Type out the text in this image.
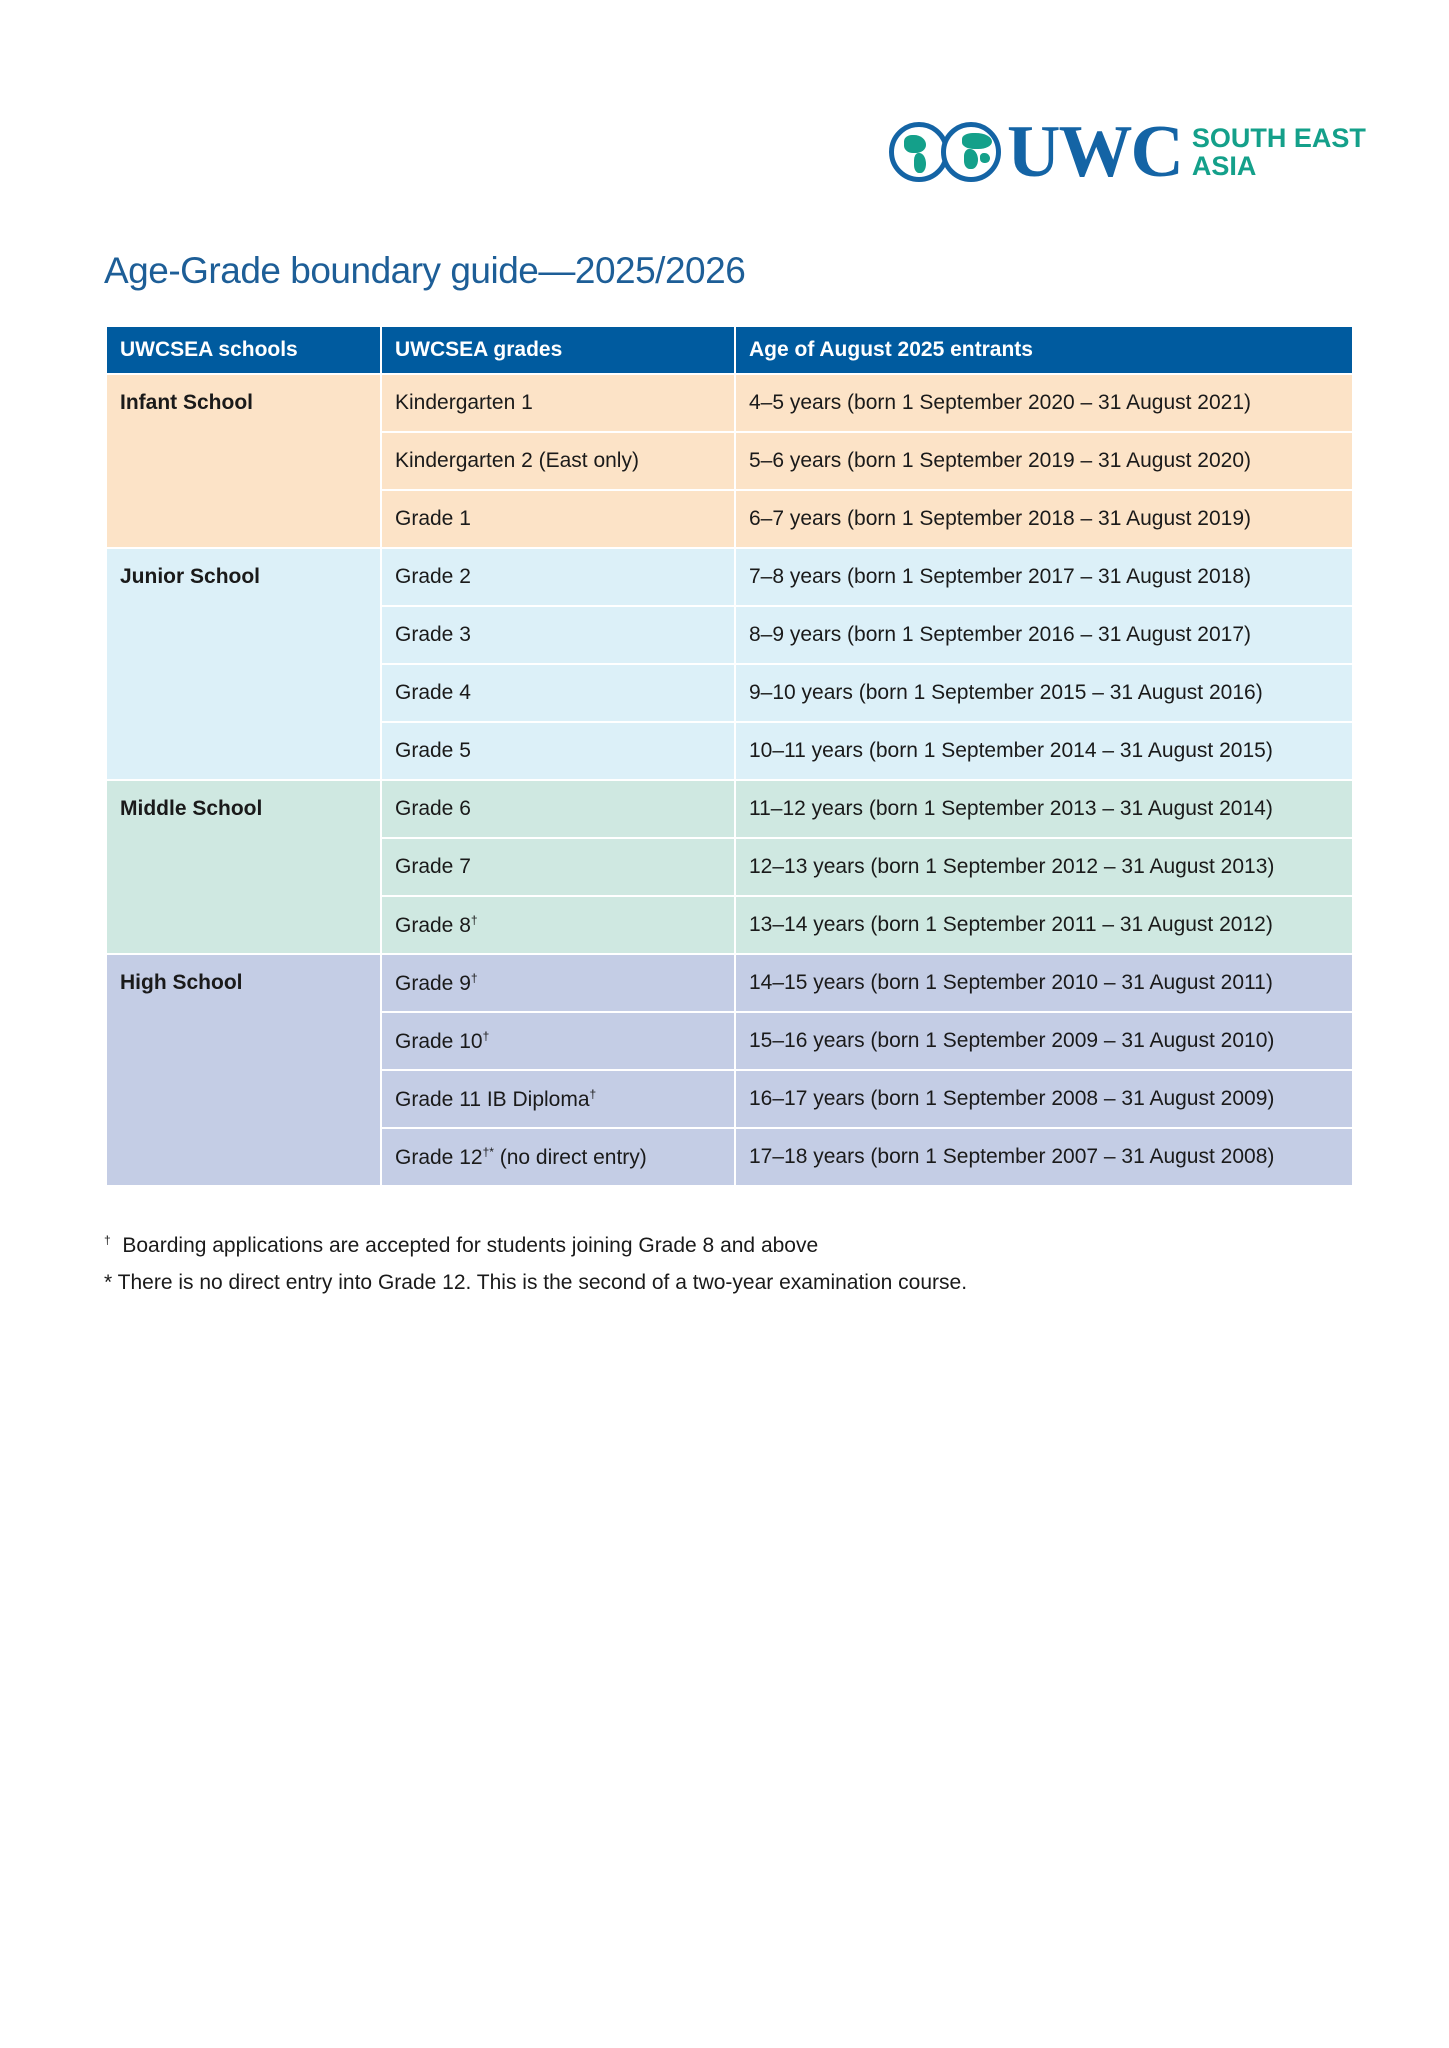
UWC SOUTH EAST
ASIA
Age-Grade boundary guide—2025/2026
UWCSEA schools	UWCSEA grades	Age of August 2025 entrants
Infant School	Kindergarten 1	4–5 years (born 1 September 2020 – 31 August 2021)
	Kindergarten 2 (East only)	5–6 years (born 1 September 2019 – 31 August 2020)
	Grade 1	6–7 years (born 1 September 2018 – 31 August 2019)
Junior School	Grade 2	7–8 years (born 1 September 2017 – 31 August 2018)
	Grade 3	8–9 years (born 1 September 2016 – 31 August 2017)
	Grade 4	9–10 years (born 1 September 2015 – 31 August 2016)
	Grade 5	10–11 years (born 1 September 2014 – 31 August 2015)
Middle School	Grade 6	11–12 years (born 1 September 2013 – 31 August 2014)
	Grade 7	12–13 years (born 1 September 2012 – 31 August 2013)
	Grade 8†	13–14 years (born 1 September 2011 – 31 August 2012)
High School	Grade 9†	14–15 years (born 1 September 2010 – 31 August 2011)
	Grade 10†	15–16 years (born 1 September 2009 – 31 August 2010)
	Grade 11 IB Diploma†	16–17 years (born 1 September 2008 – 31 August 2009)
	Grade 12†* (no direct entry)	17–18 years (born 1 September 2007 – 31 August 2008)
† Boarding applications are accepted for students joining Grade 8 and above
* There is no direct entry into Grade 12. This is the second of a two-year examination course.
